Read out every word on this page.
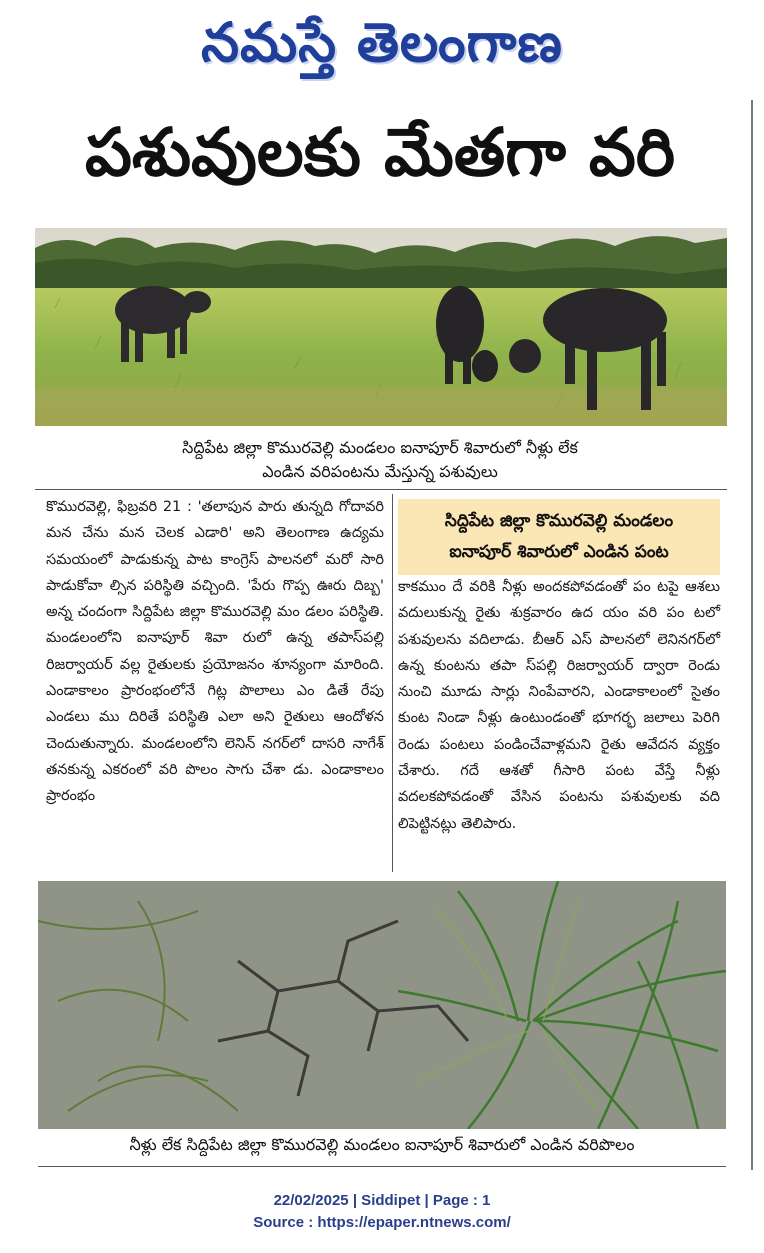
నమస్తే తెలంగాణ
పశువులకు మేతగా వరి
సిద్దిపేట జిల్లా కొమురవెల్లి మండలం ఐనాపూర్ శివారులో నీళ్లు లేక
ఎండిన వరిపంటను మేస్తున్న పశువులు

కొమురవెల్లి, ఫిబ్రవరి 21 : 'తలాపున పారు తున్నది గోదావరి మన చేను మన చెలక ఎడారి' అని తెలంగాణ ఉద్యమ సమయంలో పాడుకున్న పాట కాంగ్రెస్ పాలనలో మరో సారి పాడుకోవా ల్సిన పరిస్థితి వచ్చింది. 'పేరు గొప్ప ఊరు దిబ్బ' అన్న చందంగా సిద్దిపేట జిల్లా కొమురవెల్లి మం డలం పరిస్థితి. మండలంలోని ఐనాపూర్ శివా రులో ఉన్న తపాస్‌పల్లి రిజర్వాయర్ వల్ల రైతులకు ప్రయోజనం శూన్యంగా మారింది. ఎండాకాలం ప్రారంభంలోనే గిట్ల పొలాలు ఎం డితే రేపు ఎండలు ము దిరితే పరిస్థితి ఎలా అని రైతులు ఆందోళన చెందుతున్నారు. మండలంలోని లెనిన్ నగర్‌లో దాసరి నాగేశ్ తనకున్న ఎకరంలో వరి పొలం సాగు చేశా డు. ఎండాకాలం ప్రారంభం

సిద్దిపేట జిల్లా కొమురవెల్లి మండలం
ఐనాపూర్ శివారులో ఎండిన పంట

కాకముం దే వరికి నీళ్లు అందకపోవడంతో పం టపై ఆశలు వదులుకున్న రైతు శుక్రవారం ఉద యం వరి పం టలో పశువులను వదిలాడు. బీఆర్ ఎస్ పాలనలో లెనినగర్‌లో ఉన్న కుంటను తపా స్‌పల్లి రిజర్వాయర్ ద్వారా రెండు నుంచి మూడు సార్లు నింపేవారని, ఎండాకాలంలో సైతం కుంట నిండా నీళ్లు ఉంటుండంతో భూగర్భ జలాలు పెరిగి రెండు పంటలు పండించేవాళ్లమని రైతు ఆవేదన వ్యక్తం చేశారు. గదే ఆశతో గీసారి పంట వేస్తే నీళ్లు వదలకపోవడంతో వేసిన పంటను పశువులకు వది లిపెట్టినట్లు తెలిపారు.

నీళ్లు లేక సిద్దిపేట జిల్లా కొమురవెల్లి మండలం ఐనాపూర్ శివారులో ఎండిన వరిపొలం
22/02/2025 | Siddipet | Page : 1
Source : https://epaper.ntnews.com/
